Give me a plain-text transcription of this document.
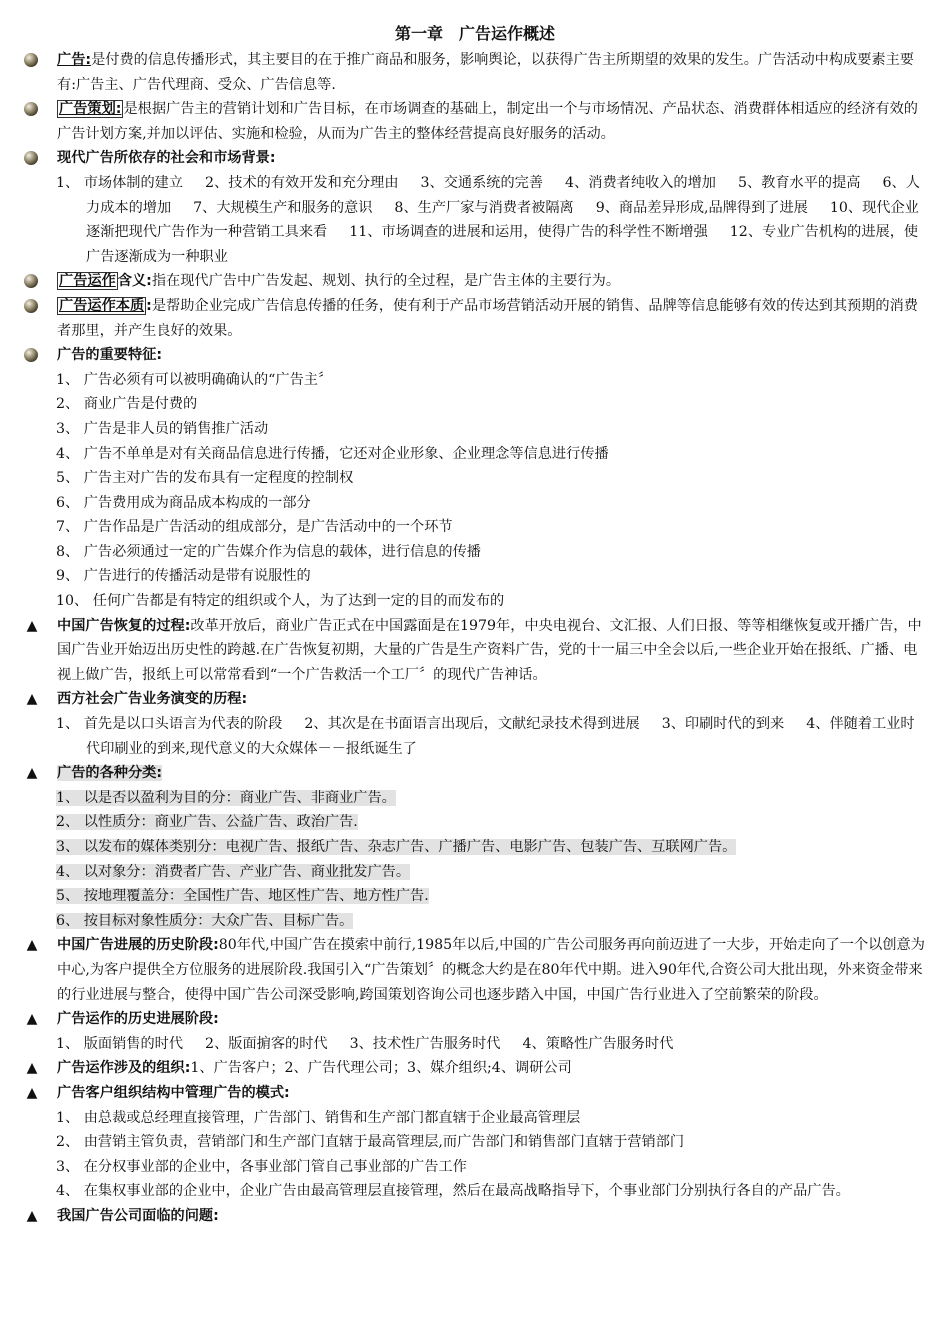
第一章　广告运作概述
广告:是付费的信息传播形式，其主要目的在于推广商品和服务，影响舆论，以获得广告主所期望的效果的发生。广告活动中构成要素主要有:广告主、广告代理商、受众、广告信息等.
广告策划: 是根据广告主的营销计划和广告目标，在市场调查的基础上，制定出一个与市场情况、产品状态、消费群体相适应的经济有效的广告计划方案,并加以评估、实施和检验，从而为广告主的整体经营提高良好服务的活动。
现代广告所依存的社会和市场背景:
1、 市场体制的建立 2、技术的有效开发和充分理由 3、交通系统的完善 4、消费者纯收入的增加 5、教育水平的提高 6、人力成本的增加 7、大规模生产和服务的意识 8、生产厂家与消费者被隔离 9、商品差异形成,品牌得到了进展 10、现代企业逐渐把现代广告作为一种营销工具来看 11、市场调查的进展和运用，使得广告的科学性不断增强 12、专业广告机构的进展，使广告逐渐成为一种职业
广告运作 含义:指在现代广告中广告发起、规划、执行的全过程，是广告主体的主要行为。
广告运作本质 :是帮助企业完成广告信息传播的任务，使有利于产品市场营销活动开展的销售、品牌等信息能够有效的传达到其预期的消费者那里，并产生良好的效果。
广告的重要特征:
1、 广告必须有可以被明确确认的“广告主〞
2、 商业广告是付费的
3、 广告是非人员的销售推广活动
4、 广告不单单是对有关商品信息进行传播，它还对企业形象、企业理念等信息进行传播
5、 广告主对广告的发布具有一定程度的控制权
6、 广告费用成为商品成本构成的一部分
7、 广告作品是广告活动的组成部分，是广告活动中的一个环节
8、 广告必须通过一定的广告媒介作为信息的载体，进行信息的传播
9、 广告进行的传播活动是带有说服性的
10、 任何广告都是有特定的组织或个人，为了达到一定的目的而发布的
▲ 中国广告恢复的过程:改革开放后，商业广告正式在中国露面是在1979年，中央电视台、文汇报、人们日报、等等相继恢复或开播广告，中国广告业开始迈出历史性的跨越.在广告恢复初期，大量的广告是生产资料广告，党的十一届三中全会以后,一些企业开始在报纸、广播、电视上做广告，报纸上可以常常看到“一个广告救活一个工厂〞的现代广告神话。
▲ 西方社会广告业务演变的历程:
1、 首先是以口头语言为代表的阶段 2、其次是在书面语言出现后，文献纪录技术得到进展 3、印刷时代的到来 4、伴随着工业时代印刷业的到来,现代意义的大众媒体－－报纸诞生了
▲ 广告的各种分类:
1、 以是否以盈利为目的分：商业广告、非商业广告。
2、 以性质分：商业广告、公益广告、政治广告.
3、 以发布的媒体类别分：电视广告、报纸广告、杂志广告、广播广告、电影广告、包装广告、互联网广告。
4、 以对象分：消费者广告、产业广告、商业批发广告。
5、 按地理覆盖分：全国性广告、地区性广告、地方性广告.
6、 按目标对象性质分：大众广告、目标广告。
▲ 中国广告进展的历史阶段:80年代,中国广告在摸索中前行,1985年以后,中国的广告公司服务再向前迈进了一大步，开始走向了一个以创意为中心,为客户提供全方位服务的进展阶段.我国引入“广告策划〞的概念大约是在80年代中期。进入90年代,合资公司大批出现，外来资金带来的行业进展与整合，使得中国广告公司深受影响,跨国策划咨询公司也逐步踏入中国，中国广告行业进入了空前繁荣的阶段。
▲ 广告运作的历史进展阶段:
1、 版面销售的时代 2、版面掮客的时代 3、技术性广告服务时代 4、策略性广告服务时代
▲ 广告运作涉及的组织:1、广告客户；2、广告代理公司；3、媒介组织;4、调研公司
▲ 广告客户组织结构中管理广告的模式:
1、 由总裁或总经理直接管理，广告部门、销售和生产部门都直辖于企业最高管理层
2、 由营销主管负责，营销部门和生产部门直辖于最高管理层,而广告部门和销售部门直辖于营销部门
3、 在分权事业部的企业中，各事业部门管自己事业部的广告工作
4、 在集权事业部的企业中，企业广告由最高管理层直接管理，然后在最高战略指导下，个事业部门分别执行各自的产品广告。
▲ 我国广告公司面临的问题:
